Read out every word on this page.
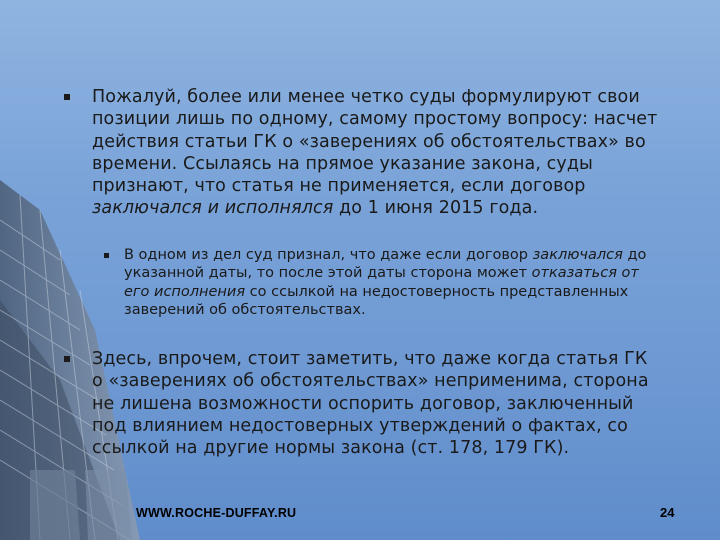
Пожалуй, более или менее четко суды формулируют свои позиции лишь по одному, самому простому вопросу: насчет действия статьи ГК о «заверениях об обстоятельствах» во времени. Ссылаясь на прямое указание закона, суды признают, что статья не применяется, если договор заключался и исполнялся до 1 июня 2015 года.
В одном из дел суд признал, что даже если договор заключался до указанной даты, то после этой даты сторона может отказаться от его исполнения со ссылкой на недостоверность представленных заверений об обстоятельствах.
Здесь, впрочем, стоит заметить, что даже когда статья ГК о «заверениях об обстоятельствах» неприменима, сторона не лишена возможности оспорить договор, заключенный под влиянием недостоверных утверждений о фактах, со ссылкой на другие нормы закона (ст. 178, 179 ГК).
WWW.ROCHE-DUFFAY.RU	24
